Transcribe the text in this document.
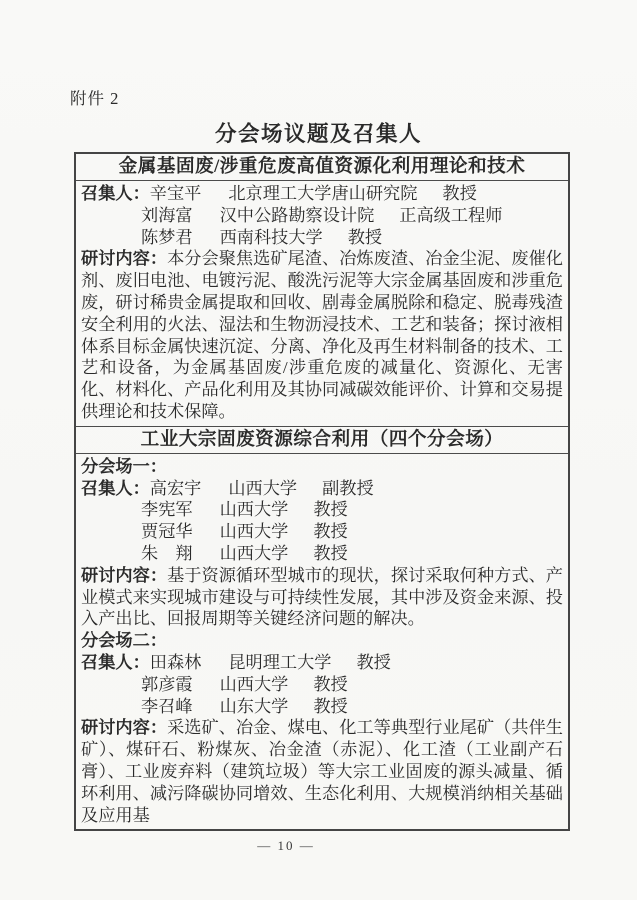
附件 2
分会场议题及召集人
金属基固废/涉重危废高值资源化利用理论和技术
召集人：辛宝平 北京理工大学唐山研究院 教授
刘海富 汉中公路勘察设计院 正高级工程师
陈梦君 西南科技大学 教授
研讨内容：本分会聚焦选矿尾渣、冶炼废渣、冶金尘泥、废催化剂、废旧电池、电镀污泥、酸洗污泥等大宗金属基固废和涉重危废，研讨稀贵金属提取和回收、剧毒金属脱除和稳定、脱毒残渣安全利用的火法、湿法和生物沥浸技术、工艺和装备；探讨液相体系目标金属快速沉淀、分离、净化及再生材料制备的技术、工艺和设备，为金属基固废/涉重危废的减量化、资源化、无害化、材料化、产品化利用及其协同减碳效能评价、计算和交易提供理论和技术保障。
工业大宗固废资源综合利用（四个分会场）
分会场一：
召集人：高宏宇 山西大学 副教授
李宪军 山西大学 教授
贾冠华 山西大学 教授
朱　翔 山西大学 教授
研讨内容：基于资源循环型城市的现状，探讨采取何种方式、产业模式来实现城市建设与可持续性发展，其中涉及资金来源、投入产出比、回报周期等关键经济问题的解决。
分会场二：
召集人：田森林 昆明理工大学 教授
郭彦霞 山西大学 教授
李召峰 山东大学 教授
研讨内容：采选矿、冶金、煤电、化工等典型行业尾矿（共伴生矿）、煤矸石、粉煤灰、冶金渣（赤泥）、化工渣（工业副产石膏）、工业废弃料（建筑垃圾）等大宗工业固废的源头减量、循环利用、减污降碳协同增效、生态化利用、大规模消纳相关基础及应用基
— 10 —
